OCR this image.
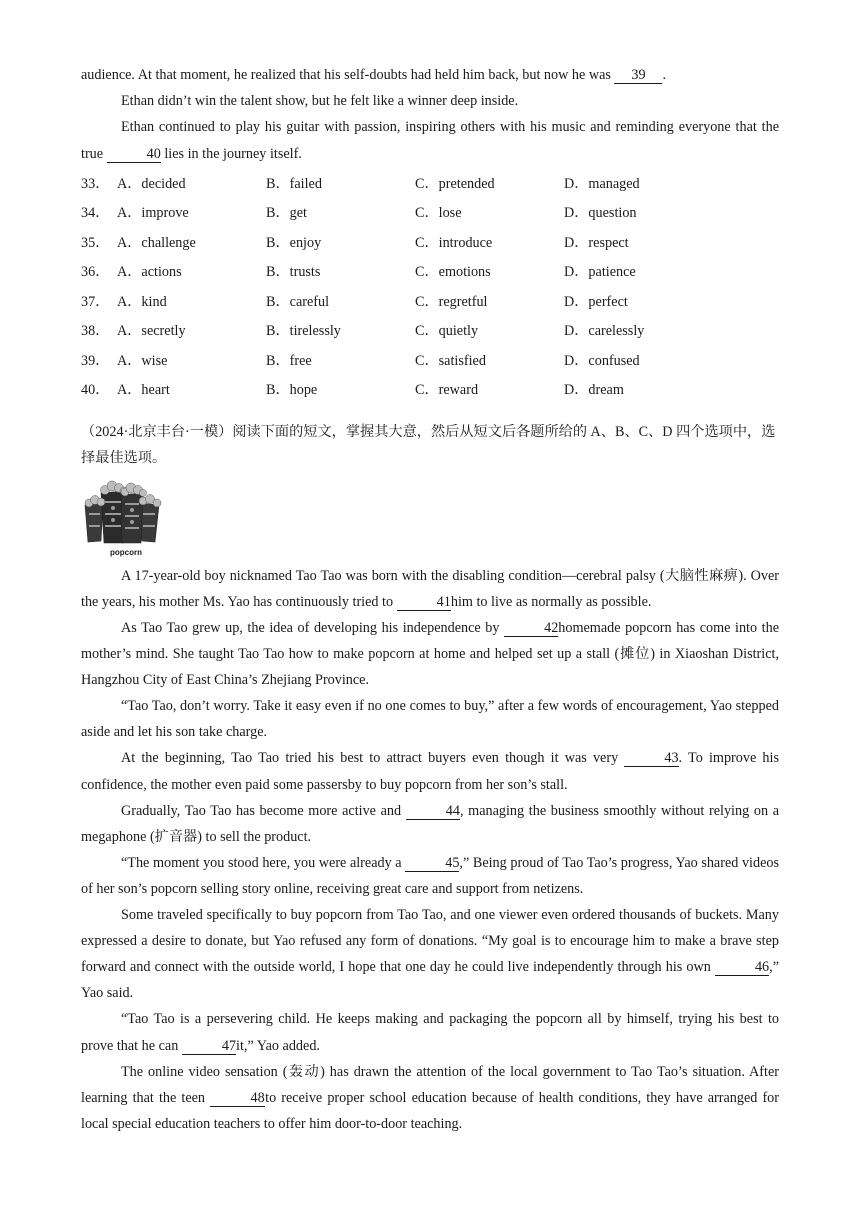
audience. At that moment, he realized that his self-doubts had held him back, but now he was 39 .

Ethan didn’t win the talent show, but he felt like a winner deep inside.

Ethan continued to play his guitar with passion, inspiring others with his music and reminding everyone that the true	40 lies in the journey itself.

33． A．decided	B．failed	C．pretended	D．managed
34． A．improve	B．get	C．lose	D．question
35． A．challenge	B．enjoy	C．introduce	D．respect
36． A．actions	B．trusts	C．emotions	D．patience
37． A．kind	B．careful	C．regretful	D．perfect
38． A．secretly	B．tirelessly	C．quietly	D．carelessly
39． A．wise	B．free	C．satisfied	D．confused
40． A．heart	B．hope	C．reward	D．dream

（2024·北京丰台·一模）阅读下面的短文，掌握其大意，然后从短文后各题所给的 A、B、C、D 四个选项中，选择最佳选项。

popcorn

A 17-year-old boy nicknamed Tao Tao was born with the disabling condition—cerebral palsy (大脑性麻痹). Over the years, his mother Ms. Yao has continuously tried to	41him to live as normally as possible.

As Tao Tao grew up, the idea of developing his independence by	42homemade popcorn has come into the mother’s mind. She taught Tao Tao how to make popcorn at home and helped set up a stall (摊位) in Xiaoshan District, Hangzhou City of East China’s Zhejiang Province.

“Tao Tao, don’t worry. Take it easy even if no one comes to buy,” after a few words of encouragement, Yao stepped aside and let his son take charge.

At the beginning, Tao Tao tried his best to attract buyers even though it was very	43. To improve his confidence, the mother even paid some passersby to buy popcorn from her son’s stall.

Gradually, Tao Tao has become more active and	44, managing the business smoothly without relying on a megaphone (扩音器) to sell the product.

“The moment you stood here, you were already a	45,” Being proud of Tao Tao’s progress, Yao shared videos of her son’s popcorn selling story online, receiving great care and support from netizens.

Some traveled specifically to buy popcorn from Tao Tao, and one viewer even ordered thousands of buckets. Many expressed a desire to donate, but Yao refused any form of donations. “My goal is to encourage him to make a brave step forward and connect with the outside world, I hope that one day he could live independently through his own	46,” Yao said.

“Tao Tao is a persevering child. He keeps making and packaging the popcorn all by himself, trying his best to prove that he can	47it,” Yao added.

The online video sensation (轰动) has drawn the attention of the local government to Tao Tao’s situation. After learning that the teen	48to receive proper school education because of health conditions, they have arranged for local special education teachers to offer him door-to-door teaching.
